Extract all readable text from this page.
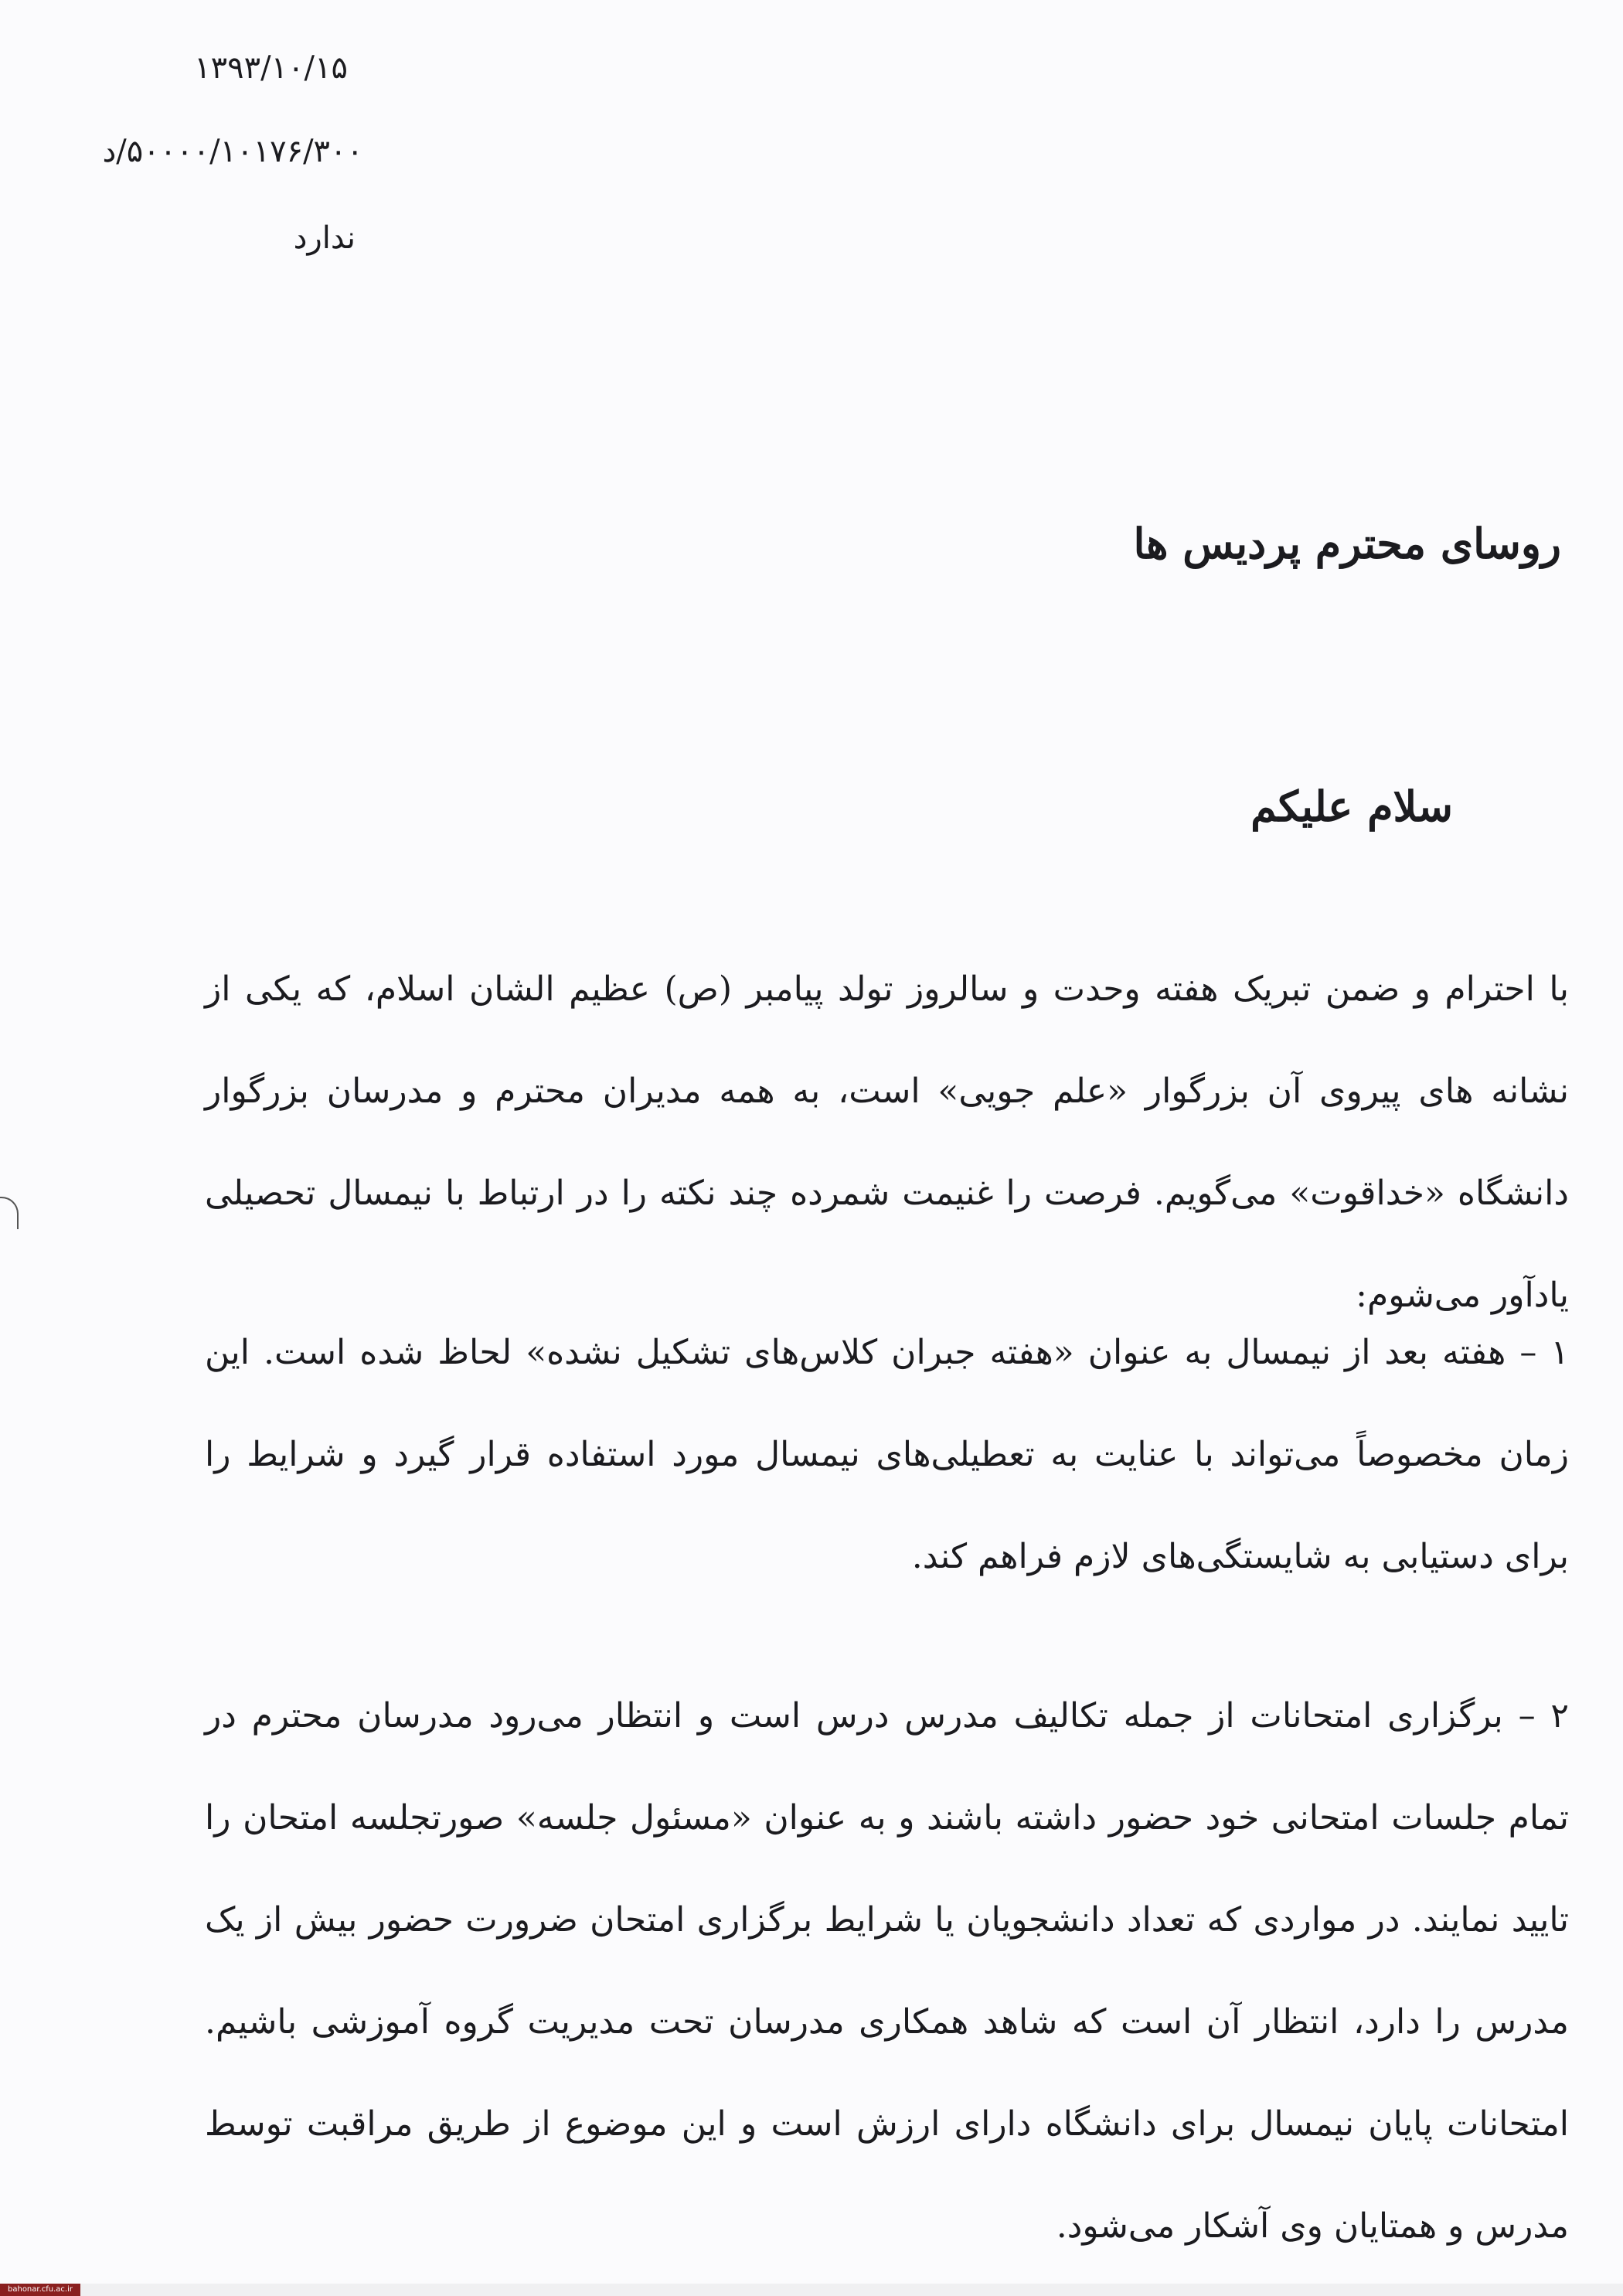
۱۳۹۳/۱۰/۱۵
۵۰۰۰۰/۱۰۱۷۶/۳۰۰/د
ندارد
روسای محترم پردیس ها
سلام علیکم

با احترام و ضمن تبریک هفته وحدت و سالروز تولد پیامبر (ص) عظیم الشان اسلام، که یکی از نشانه های پیروی آن بزرگوار «علم جویی» است، به همه مدیران محترم و مدرسان بزرگوار دانشگاه «خداقوت» می‌گویم. فرصت را غنیمت شمرده چند نکته را در ارتباط با نیمسال تحصیلی یادآور می‌شوم:

۱ – هفته بعد از نیمسال به عنوان «هفته جبران کلاس‌های تشکیل نشده» لحاظ شده است. این زمان مخصوصاً می‌تواند با عنایت به تعطیلی‌های نیمسال مورد استفاده قرار گیرد و شرایط را برای دستیابی به شایستگی‌های لازم فراهم کند.

۲ – برگزاری امتحانات از جمله تکالیف مدرس درس است و انتظار می‌رود مدرسان محترم در تمام جلسات امتحانی خود حضور داشته باشند و به عنوان «مسئول جلسه» صورتجلسه امتحان را تایید نمایند. در مواردی که تعداد دانشجویان یا شرایط برگزاری امتحان ضرورت حضور بیش از یک مدرس را دارد، انتظار آن است که شاهد همکاری مدرسان تحت مدیریت گروه آموزشی باشیم. امتحانات پایان نیمسال برای دانشگاه دارای ارزش است و این موضوع از طریق مراقبت توسط مدرس و همتایان وی آشکار می‌شود.

bahonar.cfu.ac.ir
